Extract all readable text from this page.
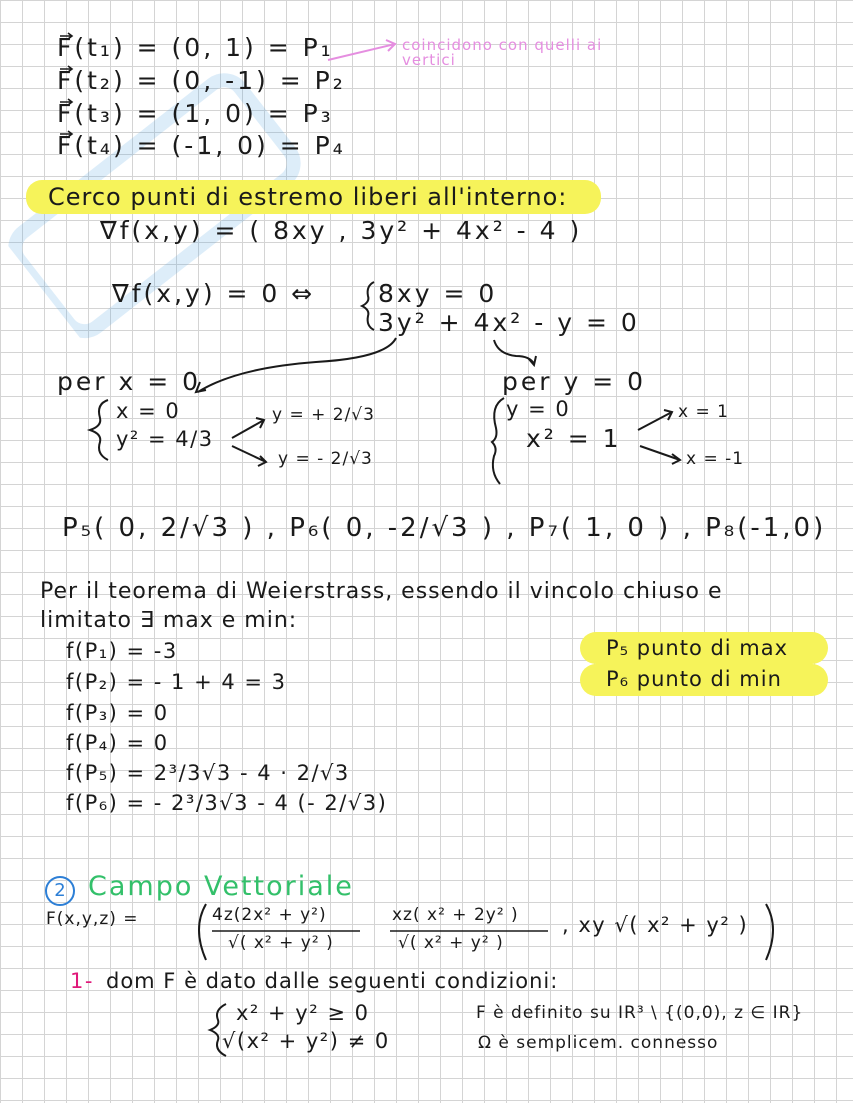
F(t₁) = (0, 1) = P₁
F(t₂) = (0, -1) = P₂
F(t₃) = (1, 0) = P₃
F(t₄) = (-1, 0) = P₄
coincidono con quelli ai
vertici
Cerco punti di estremo liberi all'interno:
∇f(x,y) = ( 8xy , 3y² + 4x² - 4 )
∇f(x,y) = 0 ⇔	8xy = 0
3y² + 4x² - y = 0
per x = 0
x = 0
y² = 4/3
y = + 2/√3
y = - 2/√3
per y = 0
y = 0
x² = 1
x = 1
x = -1
P₅( 0, 2/√3 ) , P₆( 0, -2/√3 ) , P₇( 1, 0 ) , P₈(-1,0)
Per il teorema di Weierstrass, essendo il vincolo chiuso e
limitato ∃ max e min:
f(P₁) = -3
f(P₂) = - 1 + 4 = 3
f(P₃) = 0
f(P₄) = 0
f(P₅) = 2³/3√3 - 4 · 2/√3
f(P₆) = - 2³/3√3 - 4 (- 2/√3)
P₅ punto di max
P₆ punto di min
2 Campo Vettoriale
F(x,y,z) =	4z(2x² + y²)
√( x² + y² )
xz( x² + 2y² )
√( x² + y² )
, xy √( x² + y² )
1- dom F è dato dalle seguenti condizioni:
x² + y² ≥ 0
√(x² + y²) ≠ 0
F è definito su IR³ \ {(0,0), z ∈ IR}
Ω è semplicem. connesso
